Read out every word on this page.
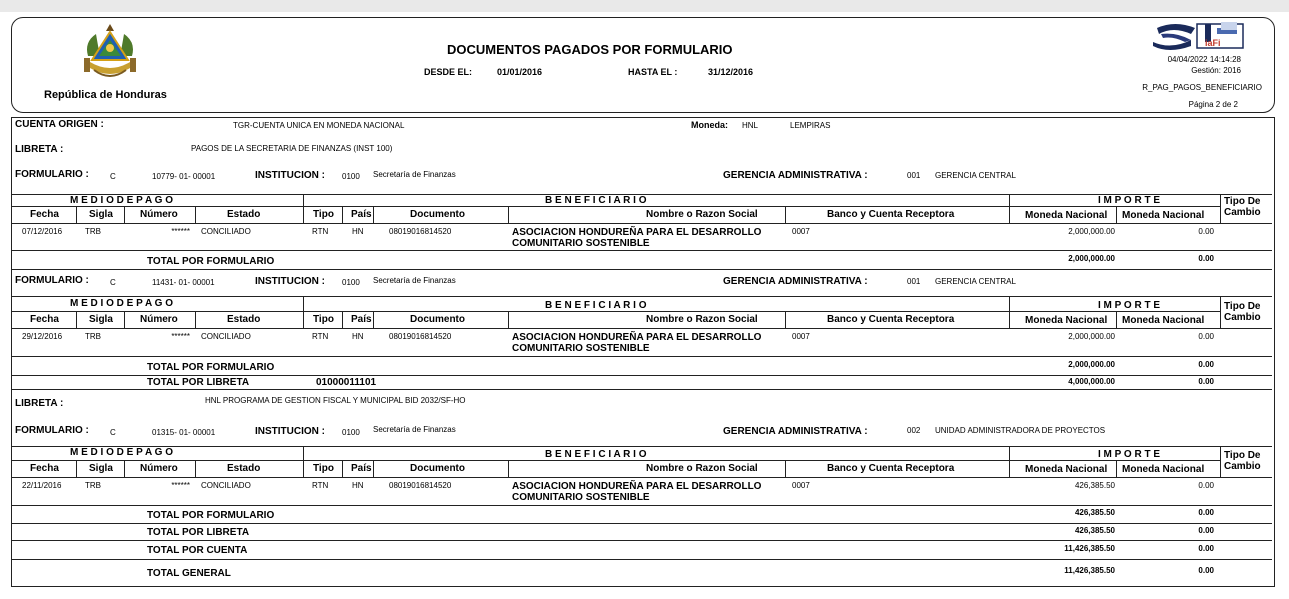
República de Honduras
DOCUMENTOS PAGADOS POR FORMULARIO
DESDE EL:	01/01/2016	HASTA EL :	31/12/2016
iaFi
04/04/2022 14:14:28
Gestión: 2016
R_PAG_PAGOS_BENEFICIARIO
Página 2 de 2
CUENTA ORIGEN :	TGR-CUENTA UNICA EN MONEDA NACIONAL	Moneda: HNL	LEMPIRAS
LIBRETA :	PAGOS DE LA SECRETARIA DE FINANZAS (INST 100)
FORMULARIO :	C	10779- 01- 00001	INSTITUCION : 0100 Secretaría de Finanzas	GERENCIA ADMINISTRATIVA :	001 GERENCIA CENTRAL
M E D I O D E P A G O	B E N E F I C I A R I O	I M P O R T E	Tipo De
Cambio
Fecha	Sigla	Número	Estado	Tipo País	Documento	Nombre o Razon Social	Banco y Cuenta Receptora	Moneda Nacional Moneda Nacional
07/12/2016	TRB	****** CONCILIADO	RTN	HN	08019016814520	ASOCIACION HONDUREÑA PARA EL DESARROLLO
COMUNITARIO SOSTENIBLE
0007	2,000,000.00	0.00
TOTAL POR FORMULARIO	2,000,000.00	0.00
FORMULARIO :	C	11431- 01- 00001	INSTITUCION : 0100 Secretaría de Finanzas	GERENCIA ADMINISTRATIVA :	001 GERENCIA CENTRAL
M E D I O D E P A G O	B E N E F I C I A R I O	I M P O R T E	Tipo De
Cambio
Fecha	Sigla	Número	Estado	Tipo País	Documento	Nombre o Razon Social	Banco y Cuenta Receptora	Moneda Nacional Moneda Nacional
29/12/2016	TRB	****** CONCILIADO	RTN	HN	08019016814520	ASOCIACION HONDUREÑA PARA EL DESARROLLO
COMUNITARIO SOSTENIBLE
0007	2,000,000.00	0.00
TOTAL POR FORMULARIO	2,000,000.00	0.00
TOTAL POR LIBRETA	01000011101	4,000,000.00	0.00
LIBRETA :	HNL PROGRAMA DE GESTION FISCAL Y MUNICIPAL BID 2032/SF-HO
FORMULARIO :	C	01315- 01- 00001	INSTITUCION : 0100 Secretaría de Finanzas	GERENCIA ADMINISTRATIVA :	002 UNIDAD ADMINISTRADORA DE PROYECTOS
M E D I O D E P A G O	B E N E F I C I A R I O	I M P O R T E	Tipo De
Cambio
Fecha	Sigla	Número	Estado	Tipo País	Documento	Nombre o Razon Social	Banco y Cuenta Receptora	Moneda Nacional Moneda Nacional
22/11/2016	TRB	****** CONCILIADO	RTN	HN	08019016814520	ASOCIACION HONDUREÑA PARA EL DESARROLLO
COMUNITARIO SOSTENIBLE
0007	426,385.50	0.00
TOTAL POR FORMULARIO	426,385.50	0.00
TOTAL POR LIBRETA	426,385.50	0.00
TOTAL POR CUENTA	11,426,385.50	0.00
TOTAL GENERAL	11,426,385.50	0.00
